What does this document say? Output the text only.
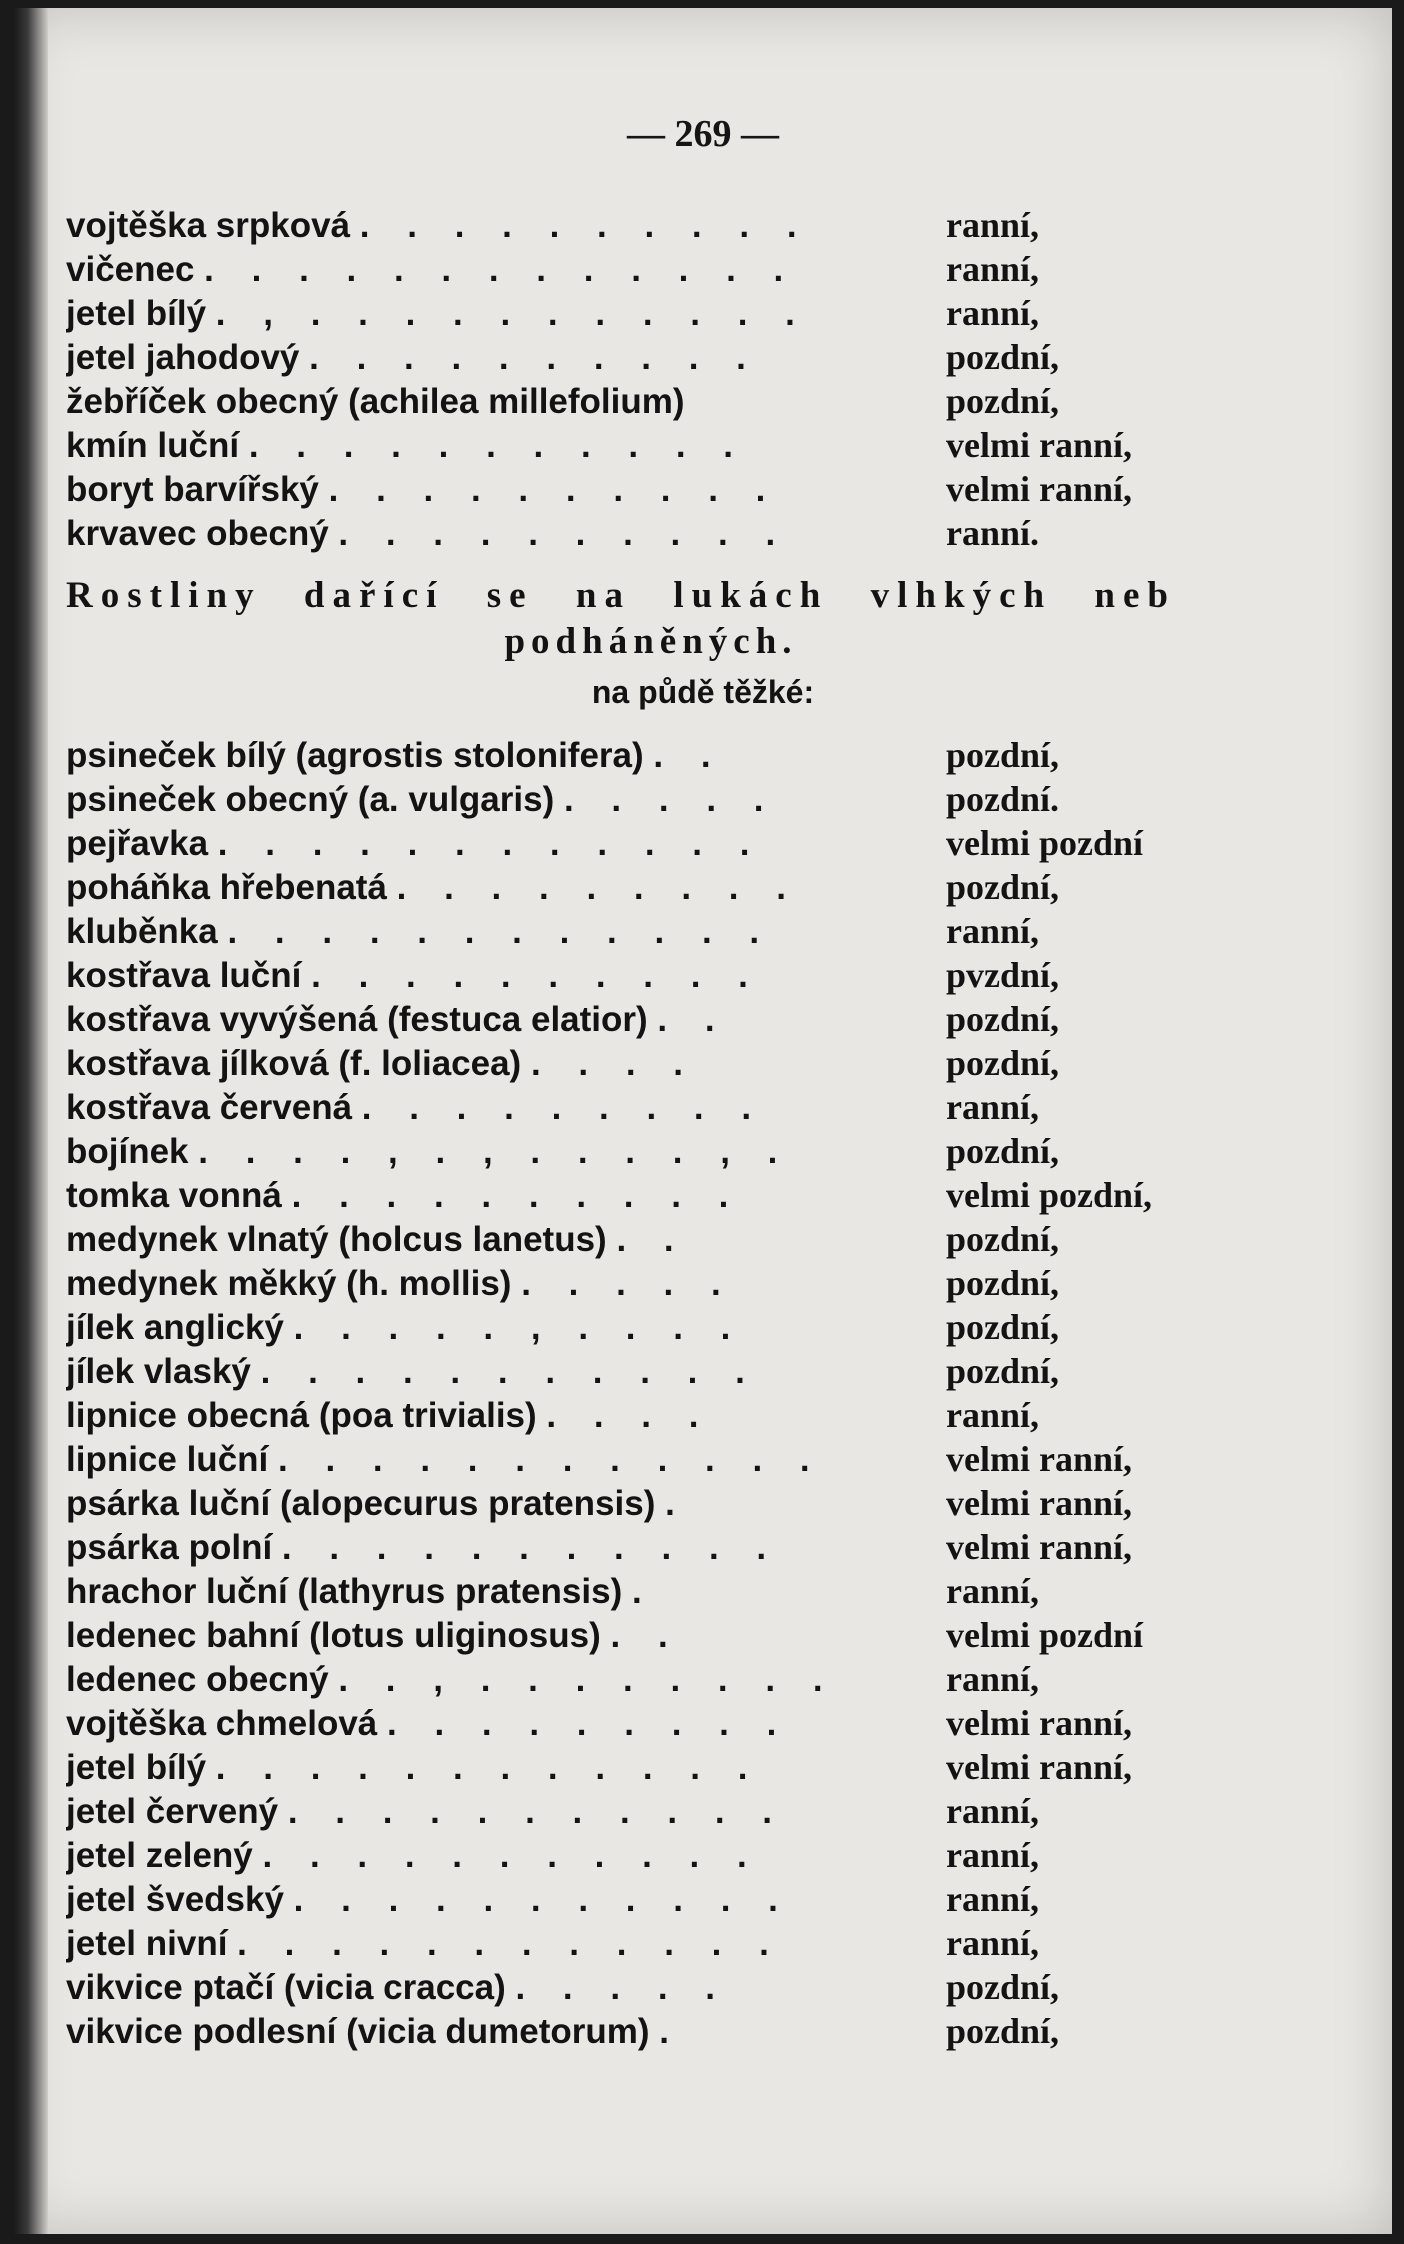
— 269 —
vojtěška srpková . . . . . . . . . .	ranní,
vičenec . . . . . . . . . . . . .	ranní,
jetel bílý . , . . . . . . . . . . .	ranní,
jetel jahodový . . . . . . . . . .	pozdní,
žebříček obecný (achilea millefolium)	pozdní,
kmín luční . . . . . . . . . . .	velmi ranní,
boryt barvířský . . . . . . . . . .	velmi ranní,
krvavec obecný . . . . . . . . . .	ranní.
Rostliny dařící se na lukách vlhkých neb
podháněných.
na půdě těžké:
psineček bílý (agrostis stolonifera) . .	pozdní,
psineček obecný (a. vulgaris) . . . . .	pozdní.
pejřavka . . . . . . . . . . . .	velmi pozdní
poháňka hřebenatá . . . . . . . . .	pozdní,
kluběnka . . . . . . . . . . . .	ranní,
kostřava luční . . . . . . . . . .	pvzdní,
kostřava vyvýšená (festuca elatior) . .	pozdní,
kostřava jílková (f. loliacea) . . . .	pozdní,
kostřava červená . . . . . . . . .	ranní,
bojínek . . . . , . , . . . . , .	pozdní,
tomka vonná . . . . . . . . . .	velmi pozdní,
medynek vlnatý (holcus lanetus) . .	pozdní,
medynek měkký (h. mollis) . . . . .	pozdní,
jílek anglický . . . . . , . . . .	pozdní,
jílek vlaský . . . . . . . . . . .	pozdní,
lipnice obecná (poa trivialis) . . . .	ranní,
lipnice luční . . . . . . . . . . . .	velmi ranní,
psárka luční (alopecurus pratensis) .	velmi ranní,
psárka polní . . . . . . . . . . .	velmi ranní,
hrachor luční (lathyrus pratensis) .	ranní,
ledenec bahní (lotus uliginosus) . .	velmi pozdní
ledenec obecný . . , . . . . . . . .	ranní,
vojtěška chmelová . . . . . . . . .	velmi ranní,
jetel bílý . . . . . . . . . . . .	velmi ranní,
jetel červený . . . . . . . . . . .	ranní,
jetel zelený . . . . . . . . . . .	ranní,
jetel švedský . . . . . . . . . . .	ranní,
jetel nivní . . . . . . . . . . . .	ranní,
vikvice ptačí (vicia cracca) . . . . .	pozdní,
vikvice podlesní (vicia dumetorum) .	pozdní,
